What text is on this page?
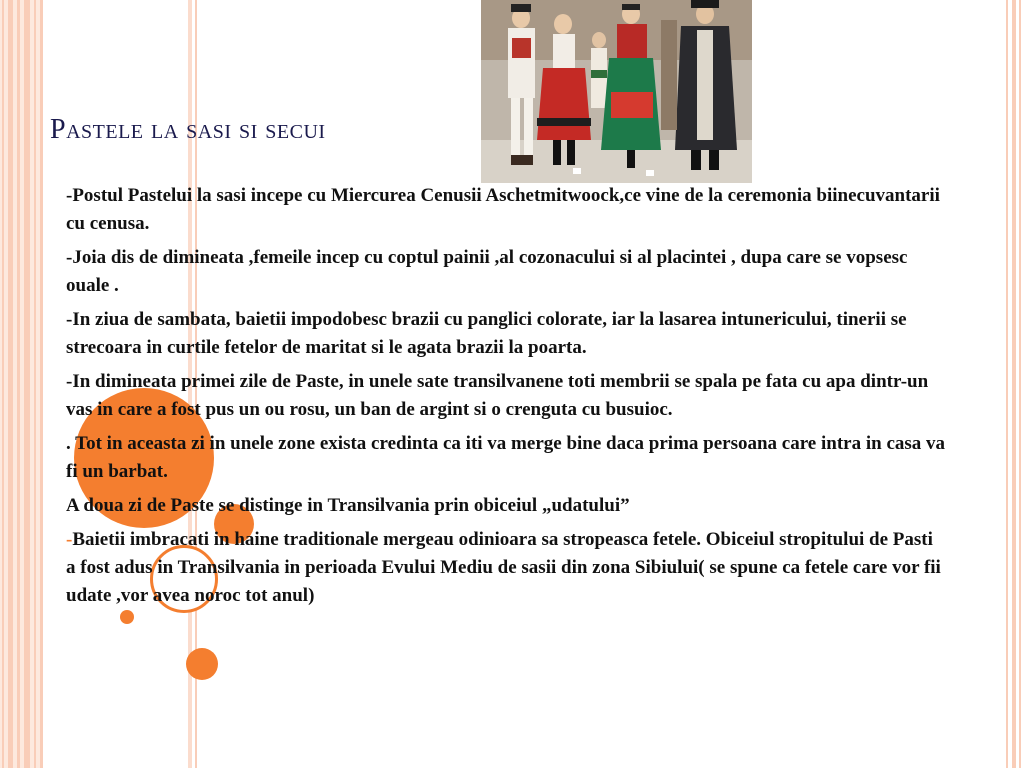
Pastele la sasi si secui

-Postul Pastelui la sasi incepe cu Miercurea Cenusii Aschetmitwoock,ce vine de la ceremonia biinecuvantarii cu cenusa.

-Joia dis de dimineata ,femeile incep cu coptul painii ,al cozonacului si al placintei , dupa care se vopsesc ouale .

-In ziua de sambata, baietii impodobesc brazii cu panglici colorate, iar la lasarea intunericului, tinerii se strecoara in curtile fetelor de maritat si le agata brazii la poarta.

-In dimineata primei zile de Paste, in unele sate transilvanene toti membrii se spala pe fata cu apa dintr-un vas in care a fost pus un ou rosu, un ban de argint si o crenguta cu busuioc.

. Tot in aceasta zi in unele zone exista credinta ca iti va merge bine daca prima persoana care intra in casa va fi un barbat.

A doua zi de Paste se distinge in Transilvania prin obiceiul „udatului”

-Baietii imbracati in haine traditionale mergeau odinioara sa stropeasca fetele. Obiceiul stropitului de Pasti a fost adus in Transilvania in perioada Evului Mediu de sasii din zona Sibiului( se spune ca fetele care vor fii udate ,vor avea noroc tot anul)
